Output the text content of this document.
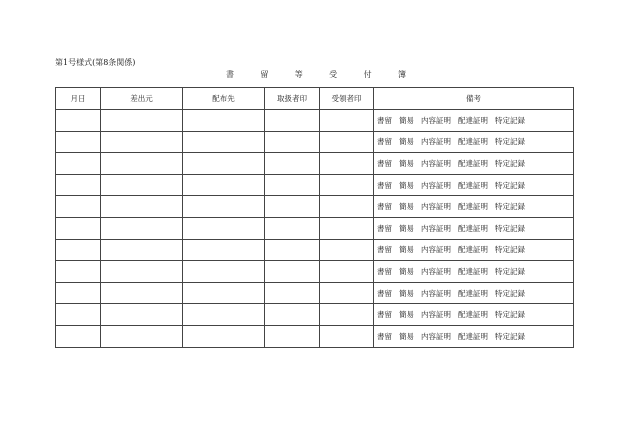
第1号様式(第8条関係)
書	留	等	受	付	簿
月日	差出元	配布先	取扱者印	受領者印	備考
					書留 簡易 内容証明 配達証明 特定記録
					書留 簡易 内容証明 配達証明 特定記録
					書留 簡易 内容証明 配達証明 特定記録
					書留 簡易 内容証明 配達証明 特定記録
					書留 簡易 内容証明 配達証明 特定記録
					書留 簡易 内容証明 配達証明 特定記録
					書留 簡易 内容証明 配達証明 特定記録
					書留 簡易 内容証明 配達証明 特定記録
					書留 簡易 内容証明 配達証明 特定記録
					書留 簡易 内容証明 配達証明 特定記録
					書留 簡易 内容証明 配達証明 特定記録
